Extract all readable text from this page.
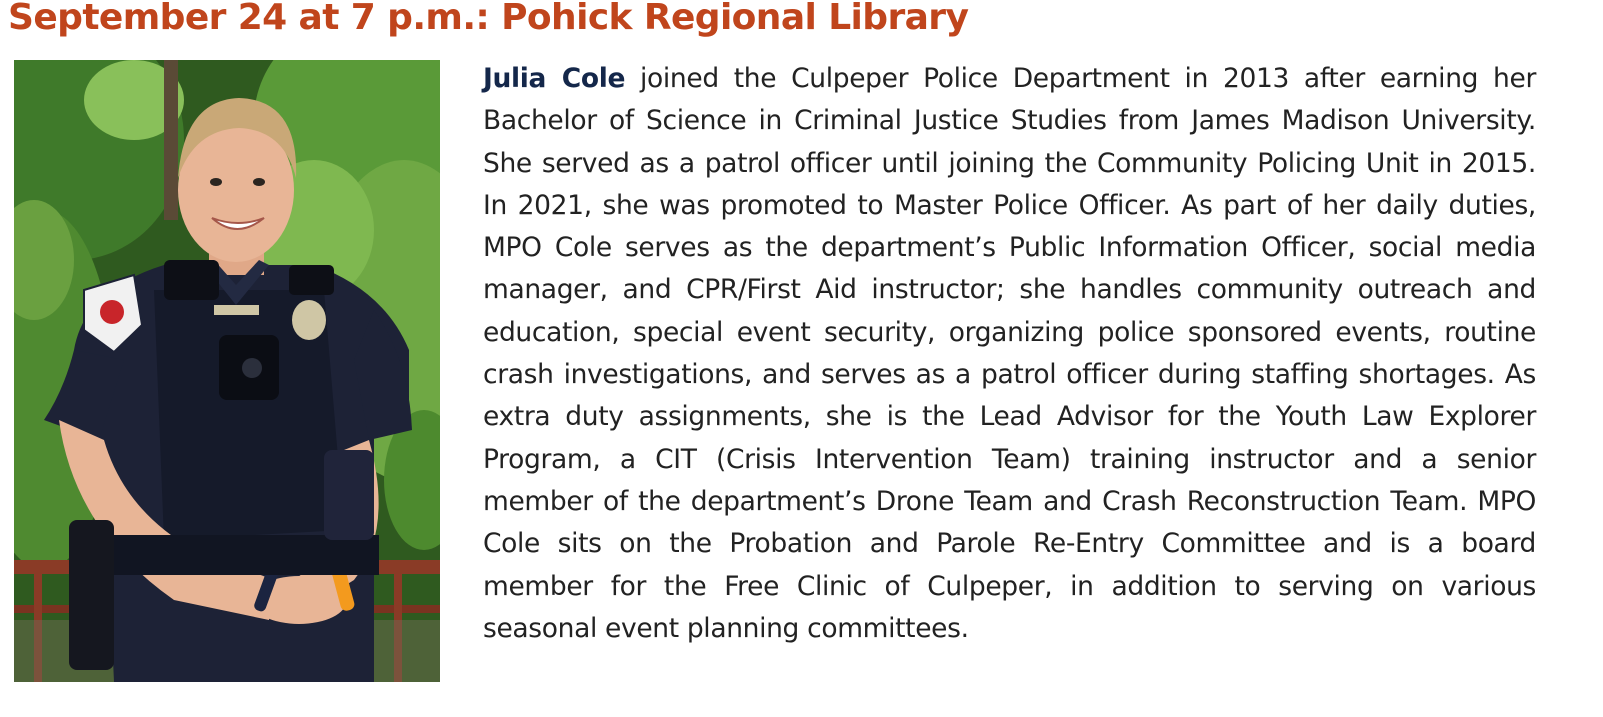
September 24 at 7 p.m.: Pohick Regional Library
Julia Cole joined the Culpeper Police Department in 2013 after earning her Bachelor of Science in Criminal Justice Studies from James Madison University. She served as a patrol officer until joining the Community Policing Unit in 2015. In 2021, she was promoted to Master Police Officer. As part of her daily duties, MPO Cole serves as the department’s Public Information Officer, social media manager, and CPR/First Aid instructor; she handles community outreach and education, special event security, organizing police sponsored events, routine crash investigations, and serves as a patrol officer during staffing shortages. As extra duty assignments, she is the Lead Advisor for the Youth Law Explorer Program, a CIT (Crisis Intervention Team) training instructor and a senior member of the department’s Drone Team and Crash Reconstruction Team. MPO Cole sits on the Probation and Parole Re-Entry Committee and is a board member for the Free Clinic of Culpeper, in addition to serving on various seasonal event planning committees.
